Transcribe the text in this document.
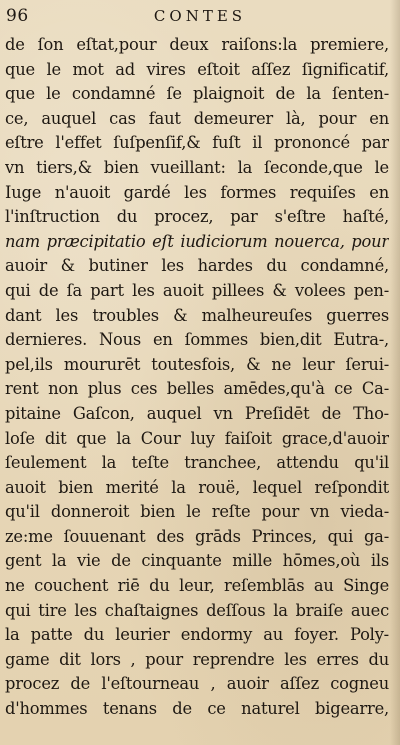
96	CONTES
de ſon eſtat,pour deux raiſons:la premiere,
que le mot ad vires eſtoit aſſez ſignificatif,
que le condamné ſe plaignoit de la ſenten-
ce, auquel cas faut demeurer là, pour en
eſtre l'effet ſuſpenſif,& fuſt il prononcé par
vn tiers,& bien vueillant: la ſeconde,que le
Iuge n'auoit gardé les formes requiſes en
l'inſtruction du procez, par s'eſtre haſté,
nam præcipitatio eſt iudiciorum nouerca, pour
auoir & butiner les hardes du condamné,
qui de ſa part les auoit pillees & volees pen-
dant les troubles & malheureuſes guerres
dernieres. Nous en ſommes bien,dit Eutra-,
pel,ils moururēt toutesfois, & ne leur ſerui-
rent non plus ces belles amēdes,qu'à ce Ca-
pitaine Gaſcon, auquel vn Preſidēt de Tho-
loſe dit que la Cour luy faiſoit grace,d'auoir
ſeulement la teſte tranchee, attendu qu'il
auoit bien merité la rouë, lequel reſpondit
qu'il donneroit bien le reſte pour vn vieda-
ze:me ſouuenant des grāds Princes, qui ga-
gent la vie de cinquante mille hōmes,où ils
ne couchent riē du leur, reſemblās au Singe
qui tire les chaſtaignes deſſous la braiſe auec
la patte du leurier endormy au foyer. Poly-
game dit lors , pour reprendre les erres du
procez de l'eſtourneau , auoir aſſez cogneu
d'hommes tenans de ce naturel bigearre,
